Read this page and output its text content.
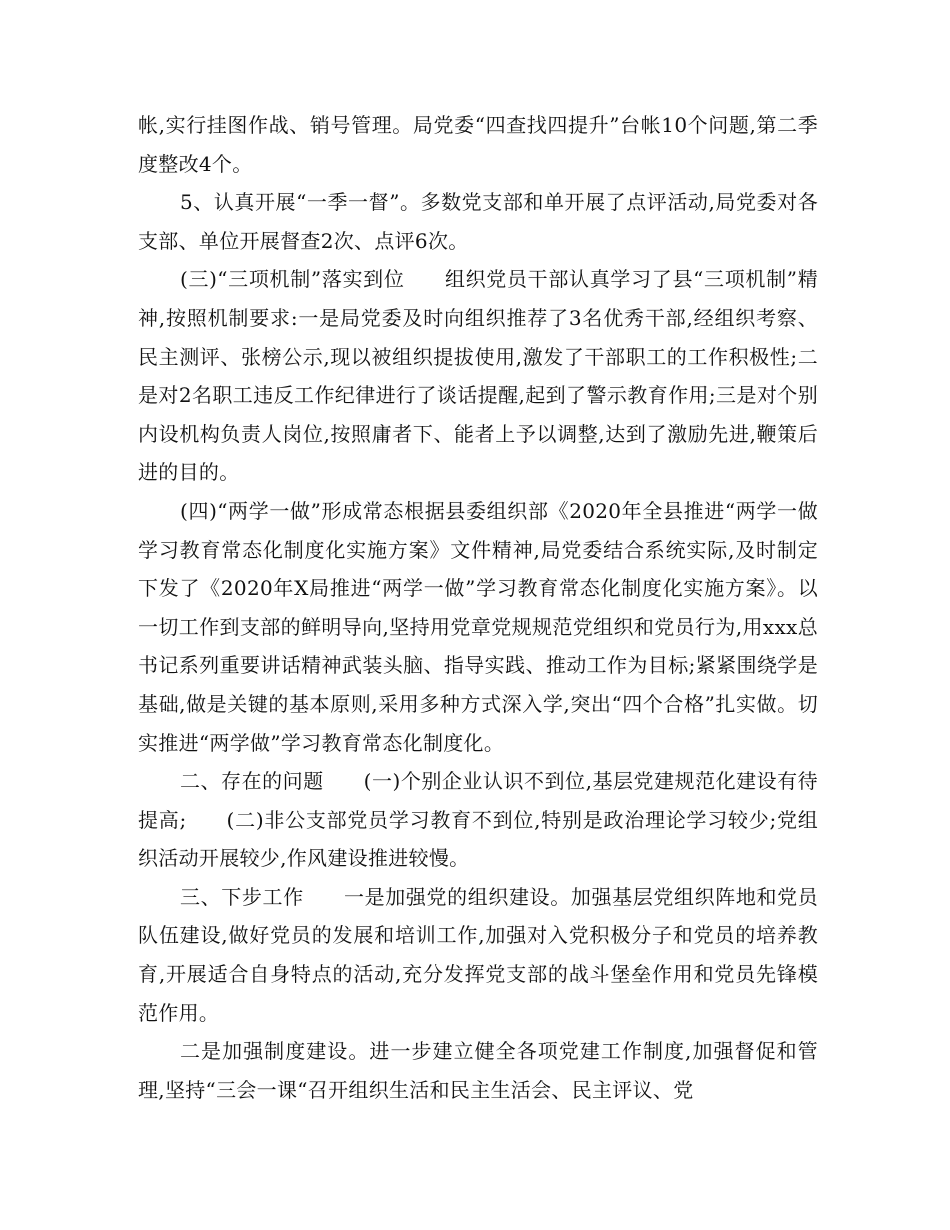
帐,实行挂图作战、销号管理。局党委“四查找四提升”台帐10个问题,第二季度整改4个。

5、认真开展“一季一督”。多数党支部和单开展了点评活动,局党委对各支部、单位开展督查2次、点评6次。

(三)“三项机制”落实到位 组织党员干部认真学习了县“三项机制”精神,按照机制要求:一是局党委及时向组织推荐了3名优秀干部,经组织考察、民主测评、张榜公示,现以被组织提拔使用,激发了干部职工的工作积极性;二是对2名职工违反工作纪律进行了谈话提醒,起到了警示教育作用;三是对个别内设机构负责人岗位,按照庸者下、能者上予以调整,达到了激励先进,鞭策后进的目的。

(四)“两学一做”形成常态根据县委组织部《2020年全县推进“两学一做学习教育常态化制度化实施方案》文件精神,局党委结合系统实际,及时制定下发了《2020年X局推进“两学一做”学习教育常态化制度化实施方案》。以一切工作到支部的鲜明导向,坚持用党章党规规范党组织和党员行为,用xxx总书记系列重要讲话精神武装头脑、指导实践、推动工作为目标;紧紧围绕学是基础,做是关键的基本原则,采用多种方式深入学,突出“四个合格”扎实做。切实推进“两学做”学习教育常态化制度化。

二、存在的问题 (一)个别企业认识不到位,基层党建规范化建设有待提高; (二)非公支部党员学习教育不到位,特别是政治理论学习较少;党组织活动开展较少,作风建设推进较慢。

三、下步工作 一是加强党的组织建设。加强基层党组织阵地和党员队伍建设,做好党员的发展和培训工作,加强对入党积极分子和党员的培养教育,开展适合自身特点的活动,充分发挥党支部的战斗堡垒作用和党员先锋模范作用。

二是加强制度建设。进一步建立健全各项党建工作制度,加强督促和管理,坚持“三会一课“召开组织生活和民主生活会、民主评议、党
